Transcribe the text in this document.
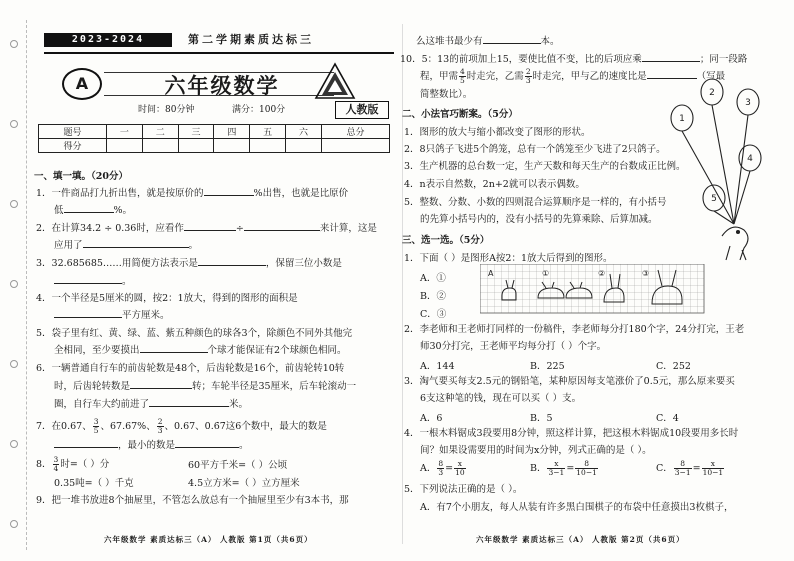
2023-2024	第二学期素质达标三
A	六年级数学
时间：80分钟	满分：100分	人教版
题号	一	二	三	四	五	六	总分
得分							
一、填一填。（20分）
1．一件商品打九折出售，就是按原价的	%出售，也就是比原价
低	%。
2．在计算34.2 ÷ 0.36时，应看作	÷	来计算，这是
应用了	。
3．32.685685……用简便方法表示是	，保留三位小数是
。
4．一个半径是5厘米的圆，按2：1放大，得到的图形的面积是
平方厘米。
5．袋子里有红、黄、绿、蓝、紫五种颜色的球各3个，除颜色不同外其他完
全相同，至少要摸出	个球才能保证有2个球颜色相同。
6．一辆普通自行车的前齿轮数是48个，后齿轮数是16个，前齿轮转10转
时，后齿轮转数是	转；车轮半径是35厘米，后车轮滚动一
圈，自行车大约前进了	米。
7．在0.67、 $\frac{3}{5}$ 、67.67%、 $\frac{2}{3}$ 、0.67、0.6̇7̇这6个数中，最大的数是
，最小的数是	。
8． $\frac{3}{4}$ 时=（ ）分	60平方千米=（ ）公顷
0.35吨=（ ）千克	4.5立方米=（ ）立方厘米
9．把一堆书放进8个抽屉里，不管怎么放总有一个抽屉里至少有3本书，那
六年级数学 素质达标三（A） 人教版 第1页（共6页）
么这堆书最少有	本。
10．5：13的前项加上15，要使比值不变，比的后项应乘	；同一段路
程，甲需 $\frac{4}{5}$ 时走完，乙需 $\frac{2}{3}$ 时走完，甲与乙的速度比是	（写最
简整数比）。
二、小法官巧断案。（5分）
1．图形的放大与缩小都改变了图形的形状。
2．8只鸽子飞进5个鸽笼，总有一个鸽笼至少飞进了2只鸽子。
3．生产机器的总台数一定，生产天数和每天生产的台数成正比例。
4．n表示自然数，2n+2就可以表示偶数。
5．整数、分数、小数的四则混合运算顺序是一样的，有小括号
的先算小括号内的，没有小括号的先算乘除、后算加减。
1
2
3
4
5
三、选一选。（5分）
1．下面（ ）是图形A按2：1放大后得到的图形。
A．①
B．②
C．③
A	①	②	③
2．李老师和王老师打同样的一份稿件，李老师每分打180个字，24分打完，王老
师30分打完，王老师平均每分打（ ）个字。
A．144	B．225	C．252
3．淘气要买每支2.5元的钢铅笔，某种原因每支笔涨价了0.5元，那么原来要买
6支这种笔的钱，现在可以买（ ）支。
A．6	B．5	C．4
4．一根木料锯成3段要用8分钟，照这样计算，把这根木料锯成10段要用多长时
间？如果设需要用的时间为x分钟，列式正确的是（ ）。
A． $\frac{8}{3} = \frac{x}{10}$	B． $\frac{x}{3-1} = \frac{8}{10-1}$	C． $\frac{8}{3-1} = \frac{x}{10-1}$
5．下列说法正确的是（ ）。
A．有7个小朋友，每人从装有许多黑白围棋子的布袋中任意摸出3枚棋子，
六年级数学 素质达标三（A） 人教版 第2页（共6页）
